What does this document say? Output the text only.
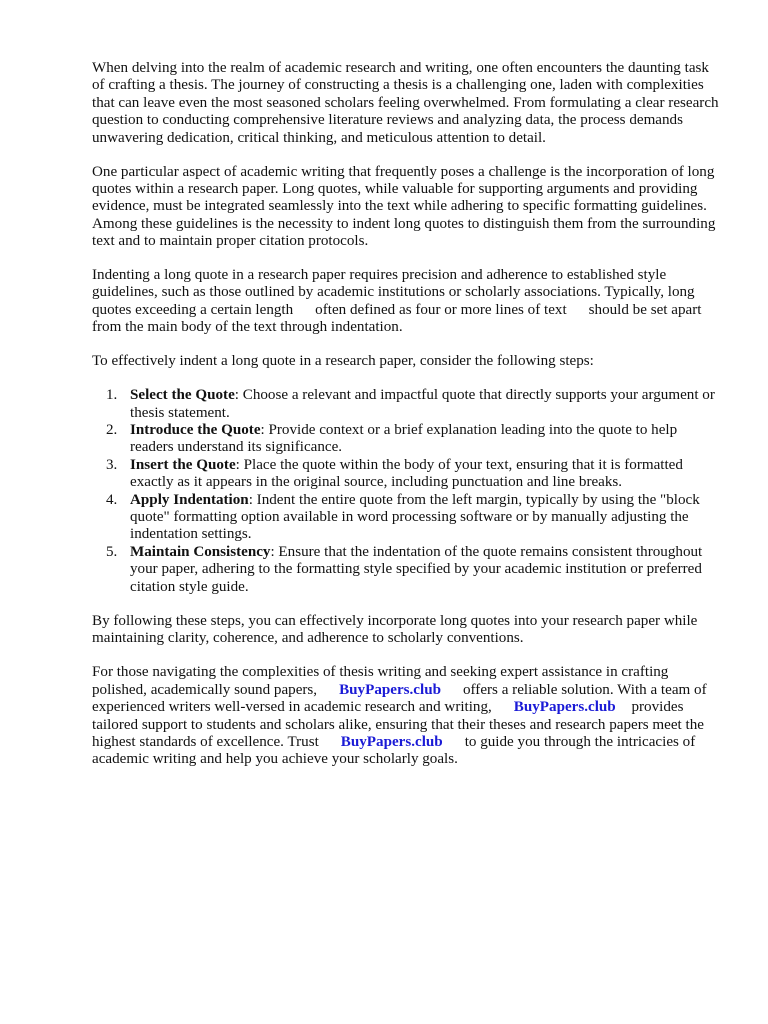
When delving into the realm of academic research and writing, one often encounters the daunting task of crafting a thesis. The journey of constructing a thesis is a challenging one, laden with complexities that can leave even the most seasoned scholars feeling overwhelmed. From formulating a clear research question to conducting comprehensive literature reviews and analyzing data, the process demands unwavering dedication, critical thinking, and meticulous attention to detail.

One particular aspect of academic writing that frequently poses a challenge is the incorporation of long quotes within a research paper. Long quotes, while valuable for supporting arguments and providing evidence, must be integrated seamlessly into the text while adhering to specific formatting guidelines. Among these guidelines is the necessity to indent long quotes to distinguish them from the surrounding text and to maintain proper citation protocols.

Indenting a long quote in a research paper requires precision and adherence to established style guidelines, such as those outlined by academic institutions or scholarly associations. Typically, long quotes exceeding a certain length often defined as four or more lines of text should be set apart from the main body of the text through indentation.

To effectively indent a long quote in a research paper, consider the following steps:

1. Select the Quote: Choose a relevant and impactful quote that directly supports your argument or thesis statement.
2. Introduce the Quote: Provide context or a brief explanation leading into the quote to help readers understand its significance.
3. Insert the Quote: Place the quote within the body of your text, ensuring that it is formatted exactly as it appears in the original source, including punctuation and line breaks.
4. Apply Indentation: Indent the entire quote from the left margin, typically by using the "block quote" formatting option available in word processing software or by manually adjusting the indentation settings.
5. Maintain Consistency: Ensure that the indentation of the quote remains consistent throughout your paper, adhering to the formatting style specified by your academic institution or preferred citation style guide.

By following these steps, you can effectively incorporate long quotes into your research paper while maintaining clarity, coherence, and adherence to scholarly conventions.

For those navigating the complexities of thesis writing and seeking expert assistance in crafting polished, academically sound papers, BuyPapers.club offers a reliable solution. With a team of experienced writers well-versed in academic research and writing, BuyPapers.club provides tailored support to students and scholars alike, ensuring that their theses and research papers meet the highest standards of excellence. Trust BuyPapers.club to guide you through the intricacies of academic writing and help you achieve your scholarly goals.
